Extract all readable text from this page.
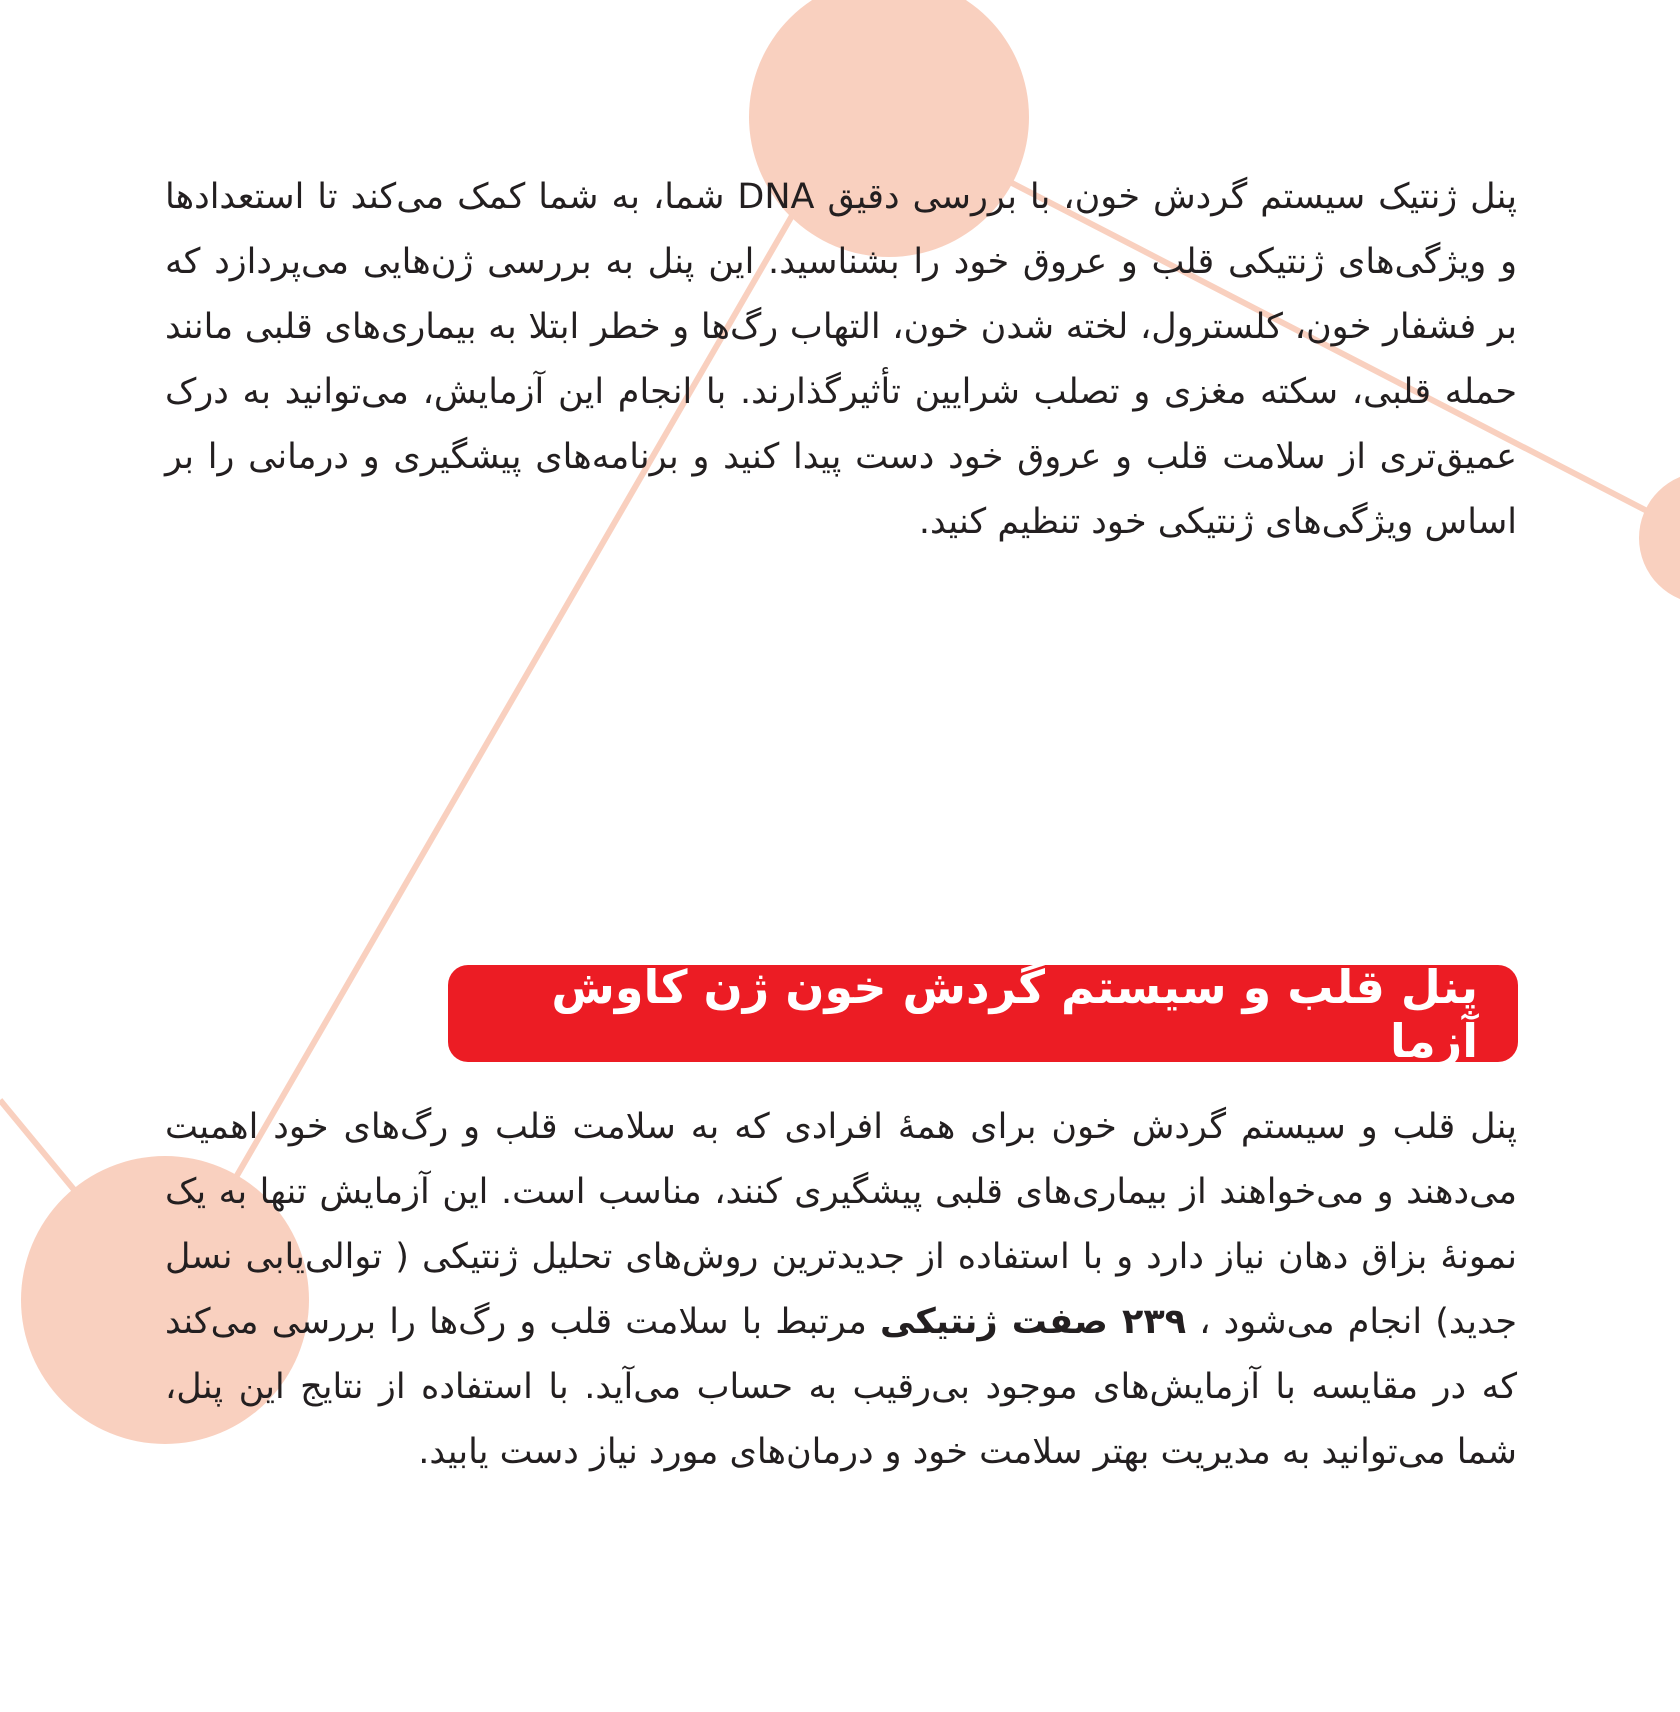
پنل ژنتیک سیستم گردش خون، با بررسی دقیق DNA شما، به شما کمک می‌کند تا استعدادها و ویژگی‌های ژنتیکی قلب و عروق خود را بشناسید. این پنل به بررسی ژن‌هایی می‌پردازد که بر فشفار خون، کلسترول، لخته شدن خون، التهاب رگ‌ها و خطر ابتلا به بیماری‌های قلبی مانند حمله قلبی، سکته مغزی و تصلب شرایین تأثیرگذارند. با انجام این آزمایش، می‌توانید به درک عمیق‌تری از سلامت قلب و عروق خود دست پیدا کنید و برنامه‌های پیشگیری و درمانی را بر اساس ویژگی‌های ژنتیکی خود تنظیم کنید.

پنل قلب و سیستم گردش خون ژن کاوش آزما

پنل قلب و سیستم گردش خون برای همهٔ افرادی که به سلامت قلب و رگ‌های خود اهمیت می‌دهند و می‌خواهند از بیماری‌های قلبی پیشگیری کنند، مناسب است. این آزمایش تنها به یک نمونهٔ بزاق دهان نیاز دارد و با استفاده از جدیدترین روش‌های تحلیل ژنتیکی ( توالی‌یابی نسل جدید) انجام می‌شود ، ۲۳۹ صفت ژنتیکی مرتبط با سلامت قلب و رگ‌ها را بررسی می‌کند که در مقایسه با آزمایش‌های موجود بی‌رقیب به حساب می‌آید. با استفاده از نتایج این پنل، شما می‌توانید به مدیریت بهتر سلامت خود و درمان‌های مورد نیاز دست یابید.
